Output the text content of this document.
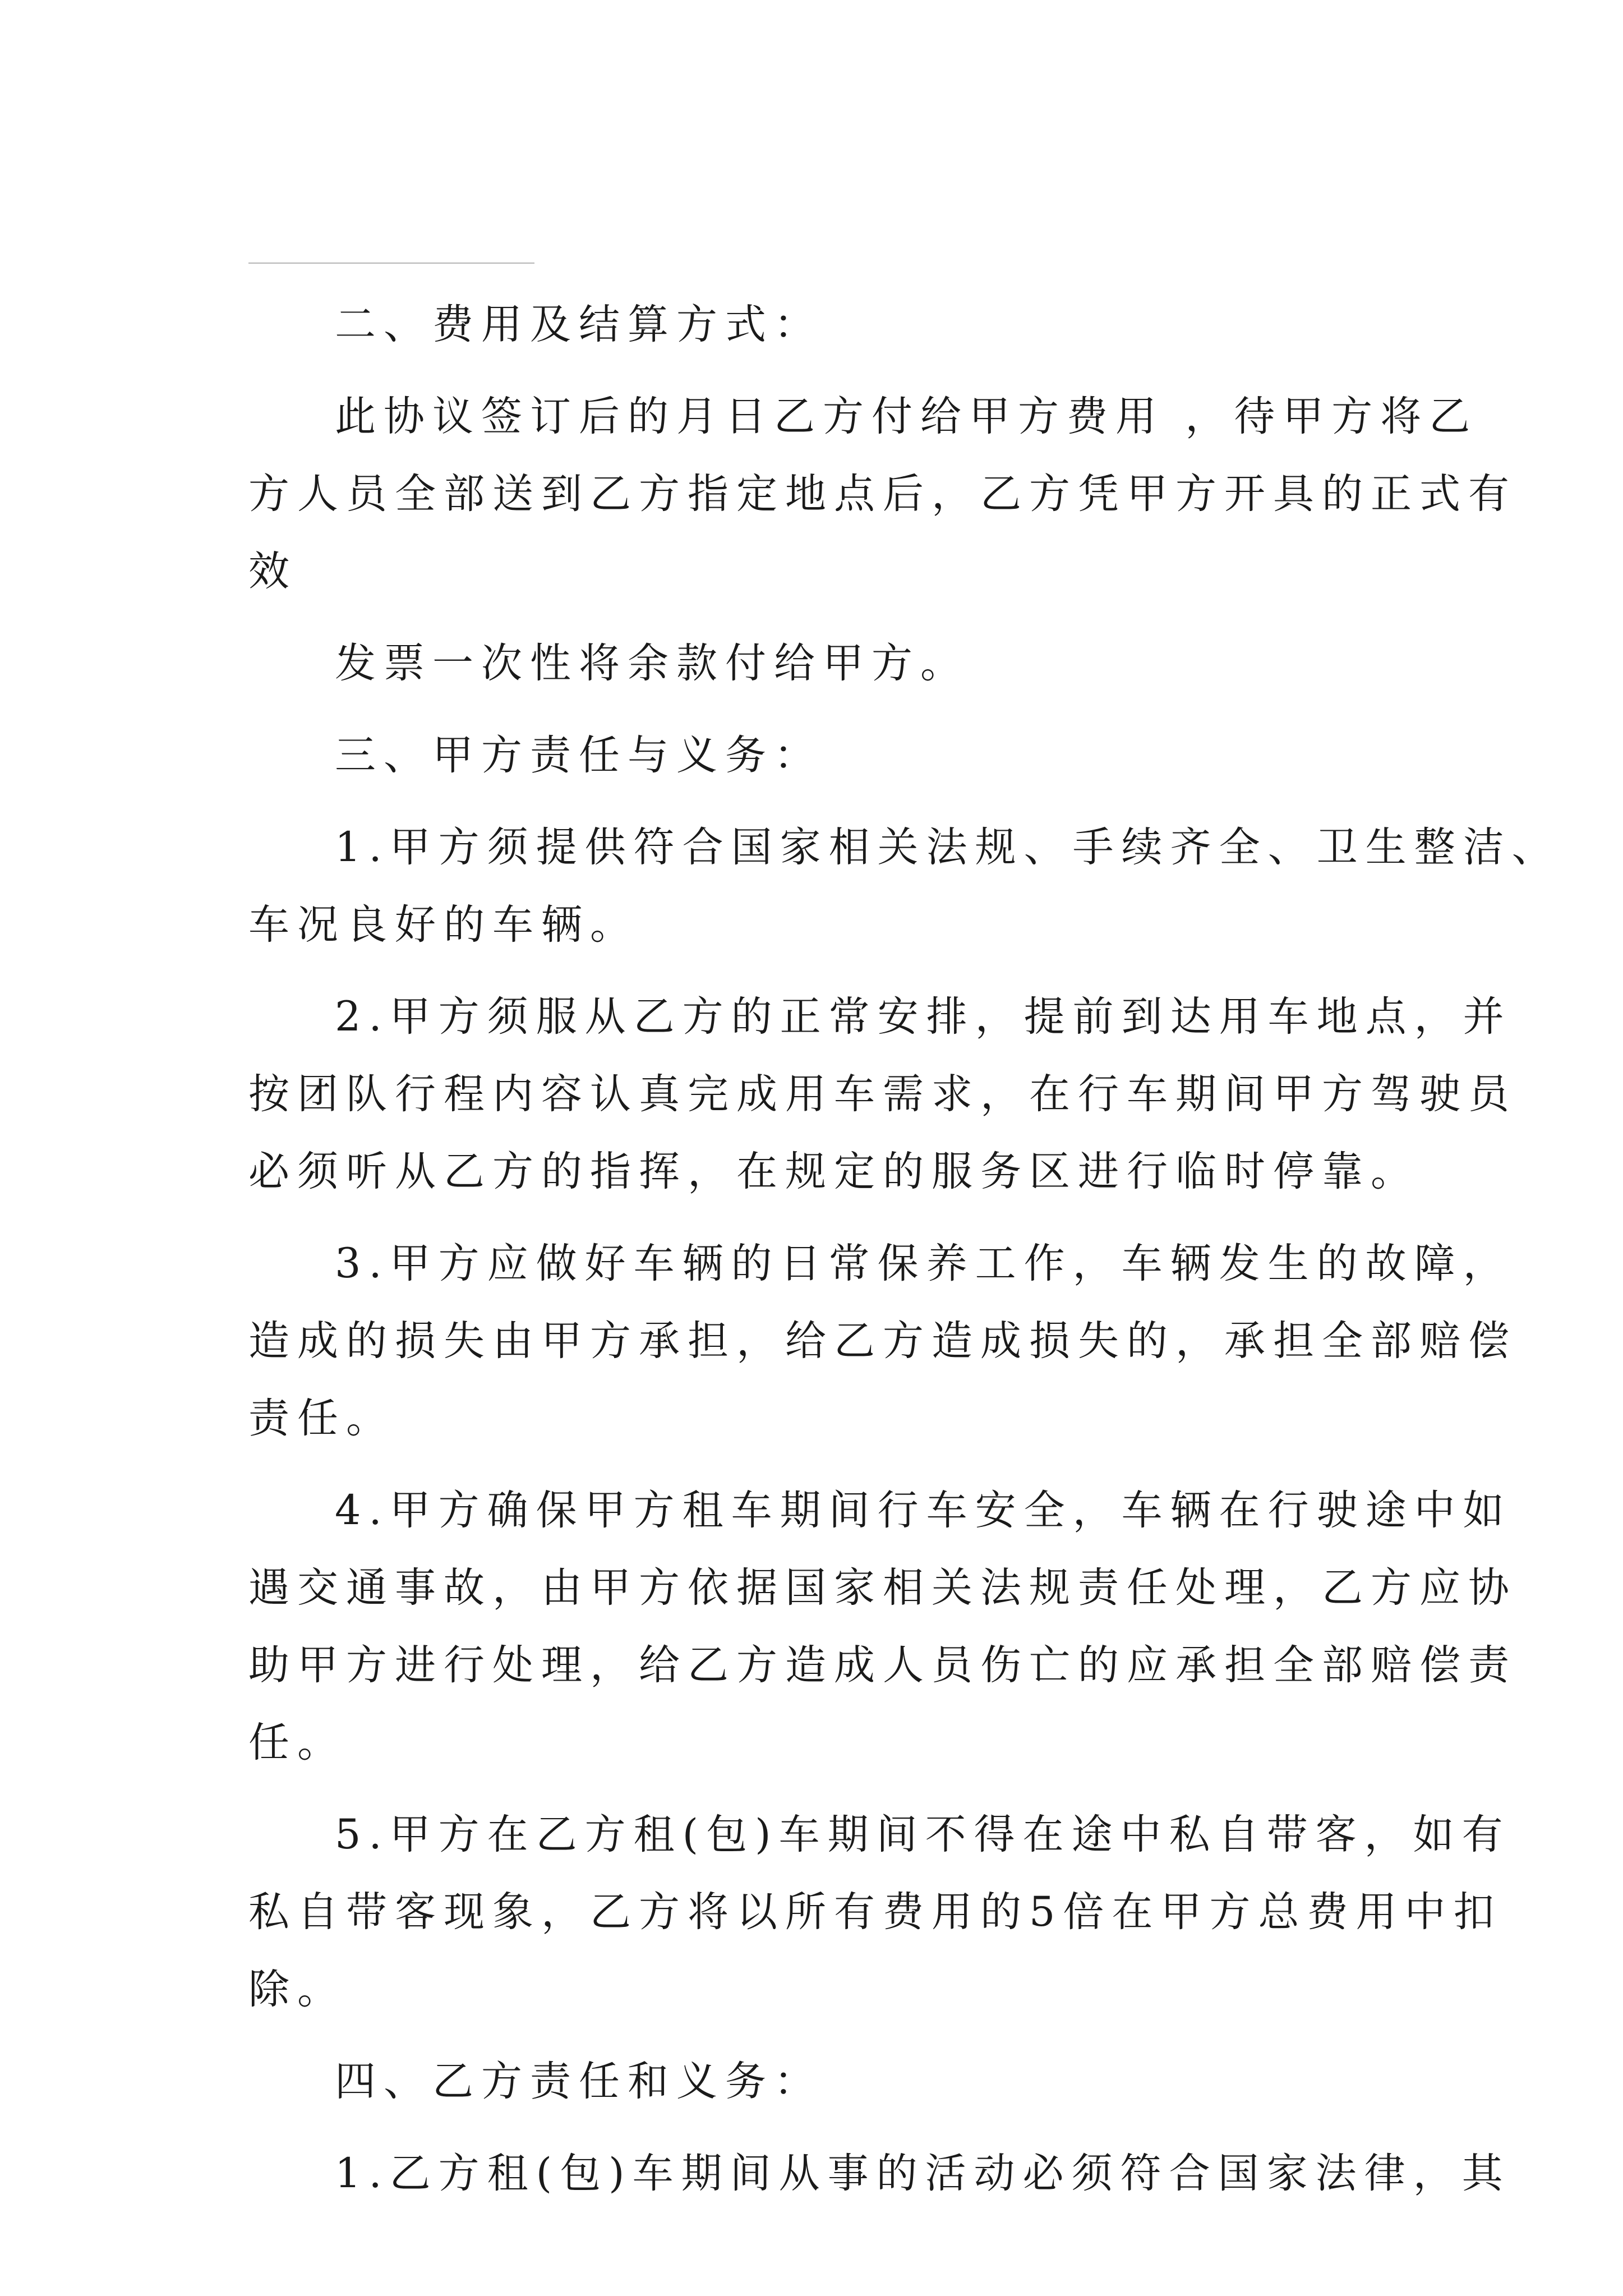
二、费用及结算方式：

此协议签订后的月日乙方付给甲方费用 ，待甲方将乙
方人员全部送到乙方指定地点后，乙方凭甲方开具的正式有
效

发票一次性将余款付给甲方。

三、甲方责任与义务：

1.甲方须提供符合国家相关法规、手续齐全、卫生整洁、
车况良好的车辆。

2.甲方须服从乙方的正常安排，提前到达用车地点，并
按团队行程内容认真完成用车需求，在行车期间甲方驾驶员
必须听从乙方的指挥，在规定的服务区进行临时停靠。

3.甲方应做好车辆的日常保养工作，车辆发生的故障，
造成的损失由甲方承担，给乙方造成损失的，承担全部赔偿
责任。

4.甲方确保甲方租车期间行车安全，车辆在行驶途中如
遇交通事故，由甲方依据国家相关法规责任处理，乙方应协
助甲方进行处理，给乙方造成人员伤亡的应承担全部赔偿责
任。

5.甲方在乙方租(包)车期间不得在途中私自带客，如有
私自带客现象，乙方将以所有费用的5倍在甲方总费用中扣
除。

四、乙方责任和义务：

1.乙方租(包)车期间从事的活动必须符合国家法律，其
